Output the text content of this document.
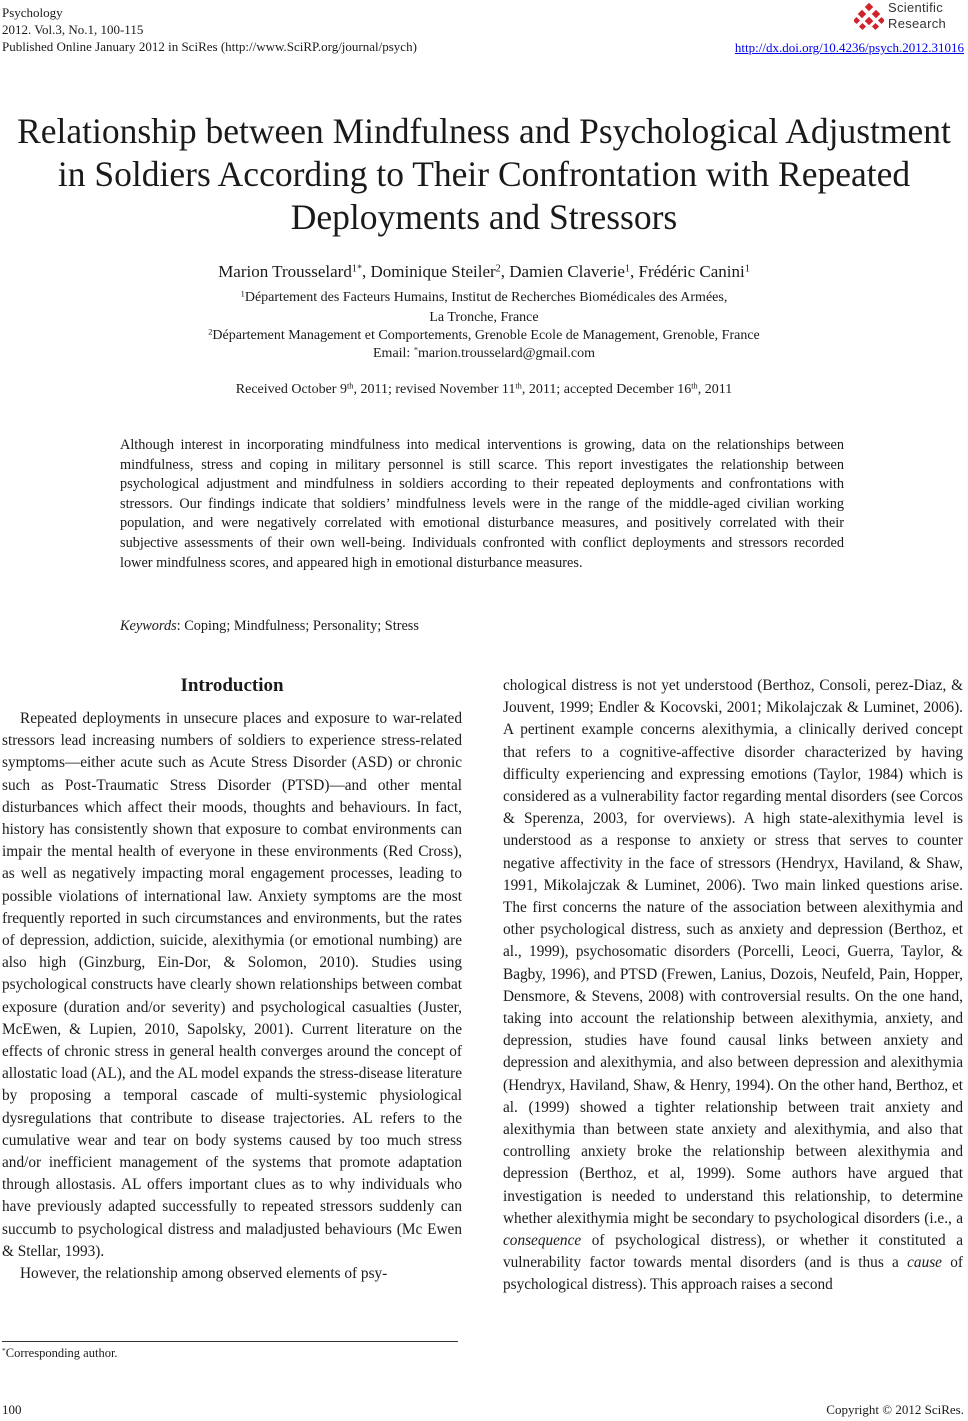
Psychology
2012. Vol.3, No.1, 100-115
Published Online January 2012 in SciRes (http://www.SciRP.org/journal/psych)
Scientific
Research
http://dx.doi.org/10.4236/psych.2012.31016
Relationship between Mindfulness and Psychological Adjustment
in Soldiers According to Their Confrontation with Repeated
Deployments and Stressors
Marion Trousselard$^{1*}$, Dominique Steiler$^2$, Damien Claverie$^1$, Frédéric Canini$^1$
$^1$Département des Facteurs Humains, Institut de Recherches Biomédicales des Armées,
La Tronche, France
$^2$Département Management et Comportements, Grenoble Ecole de Management, Grenoble, France
Email: *marion.trousselard@gmail.com
Received October 9th, 2011; revised November 11th, 2011; accepted December 16th, 2011
Although interest in incorporating mindfulness into medical interventions is growing, data on the relationships between mindfulness, stress and coping in military personnel is still scarce. This report investigates the relationship between psychological adjustment and mindfulness in soldiers according to their repeated deployments and confrontations with stressors. Our findings indicate that soldiers’ mindfulness levels were in the range of the middle-aged civilian working population, and were negatively correlated with emotional disturbance measures, and positively correlated with their subjective assessments of their own well-being. Individuals confronted with conflict deployments and stressors recorded lower mindfulness scores, and appeared high in emotional disturbance measures.
Keywords: Coping; Mindfulness; Personality; Stress
Introduction

Repeated deployments in unsecure places and exposure to war-related stressors lead increasing numbers of soldiers to experience stress-related symptoms—either acute such as Acute Stress Disorder (ASD) or chronic such as Post-Traumatic Stress Disorder (PTSD)—and other mental disturbances which affect their moods, thoughts and behaviours. In fact, history has consistently shown that exposure to combat environments can impair the mental health of everyone in these environments (Red Cross), as well as negatively impacting moral engagement processes, leading to possible violations of international law. Anxiety symptoms are the most frequently reported in such circumstances and environments, but the rates of depression, addiction, suicide, alexithymia (or emotional numbing) are also high (Ginzburg, Ein-Dor, & Solomon, 2010). Studies using psychological constructs have clearly shown relationships between combat exposure (duration and/or severity) and psychological casualties (Juster, McEwen, & Lupien, 2010, Sapolsky, 2001). Current literature on the effects of chronic stress in general health converges around the concept of allostatic load (AL), and the AL model expands the stress-disease literature by proposing a temporal cascade of multi-systemic physiological dysregulations that contribute to disease trajectories. AL refers to the cumulative wear and tear on body systems caused by too much stress and/or inefficient management of the systems that promote adaptation through allostasis. AL offers important clues as to why individuals who have previously adapted successfully to repeated stressors suddenly can succumb to psychological distress and maladjusted behaviours (Mc Ewen & Stellar, 1993).

However, the relationship among observed elements of psy-

chological distress is not yet understood (Berthoz, Consoli, perez-Diaz, & Jouvent, 1999; Endler & Kocovski, 2001; Mikolajczak & Luminet, 2006). A pertinent example concerns alexithymia, a clinically derived concept that refers to a cognitive-affective disorder characterized by having difficulty experiencing and expressing emotions (Taylor, 1984) which is considered as a vulnerability factor regarding mental disorders (see Corcos & Sperenza, 2003, for overviews). A high state-alexithymia level is understood as a response to anxiety or stress that serves to counter negative affectivity in the face of stressors (Hendryx, Haviland, & Shaw, 1991, Mikolajczak & Luminet, 2006). Two main linked questions arise. The first concerns the nature of the association between alexithymia and other psychological distress, such as anxiety and depression (Berthoz, et al., 1999), psychosomatic disorders (Porcelli, Leoci, Guerra, Taylor, & Bagby, 1996), and PTSD (Frewen, Lanius, Dozois, Neufeld, Pain, Hopper, Densmore, & Stevens, 2008) with controversial results. On the one hand, taking into account the relationship between alexithymia, anxiety, and depression, studies have found causal links between anxiety and depression and alexithymia, and also between depression and alexithymia (Hendryx, Haviland, Shaw, & Henry, 1994). On the other hand, Berthoz, et al. (1999) showed a tighter relationship between trait anxiety and alexithymia than between state anxiety and alexithymia, and also that controlling anxiety broke the relationship between alexithymia and depression (Berthoz, et al, 1999). Some authors have argued that investigation is needed to understand this relationship, to determine whether alexithymia might be secondary to psychological disorders (i.e., a consequence of psychological distress), or whether it constituted a vulnerability factor towards mental disorders (and is thus a cause of psychological distress). This approach raises a second

*Corresponding author.
100	Copyright © 2012 SciRes.
